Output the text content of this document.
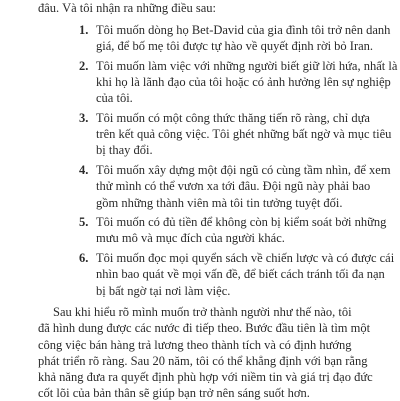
đâu. Và tôi nhận ra những điều sau:
1. Tôi muốn dòng họ Bet-David của gia đình tôi trở nên danh
giá, để bố mẹ tôi được tự hào về quyết định rời bỏ Iran.
2. Tôi muốn làm việc với những người biết giữ lời hứa, nhất là
khi họ là lãnh đạo của tôi hoặc có ảnh hưởng lên sự nghiệp
của tôi.
3. Tôi muốn có một công thức thăng tiến rõ ràng, chỉ dựa
trên kết quả công việc. Tôi ghét những bất ngờ và mục tiêu
bị thay đổi.
4. Tôi muốn xây dựng một đội ngũ có cùng tầm nhìn, để xem
thử mình có thể vươn xa tới đâu. Đội ngũ này phải bao
gồm những thành viên mà tôi tin tưởng tuyệt đối.
5. Tôi muốn có đủ tiền để không còn bị kiểm soát bởi những
mưu mô và mục đích của người khác.
6. Tôi muốn đọc mọi quyển sách về chiến lược và có được cái
nhìn bao quát về mọi vấn đề, để biết cách tránh tối đa nạn
bị bất ngờ tại nơi làm việc.
Sau khi hiểu rõ mình muốn trở thành người như thế nào, tôi
đã hình dung được các nước đi tiếp theo. Bước đầu tiên là tìm một
công việc bán hàng trả lương theo thành tích và có định hướng
phát triển rõ ràng. Sau 20 năm, tôi có thể khẳng định với bạn rằng
khả năng đưa ra quyết định phù hợp với niềm tin và giá trị đạo đức
cốt lõi của bản thân sẽ giúp bạn trở nên sáng suốt hơn.
